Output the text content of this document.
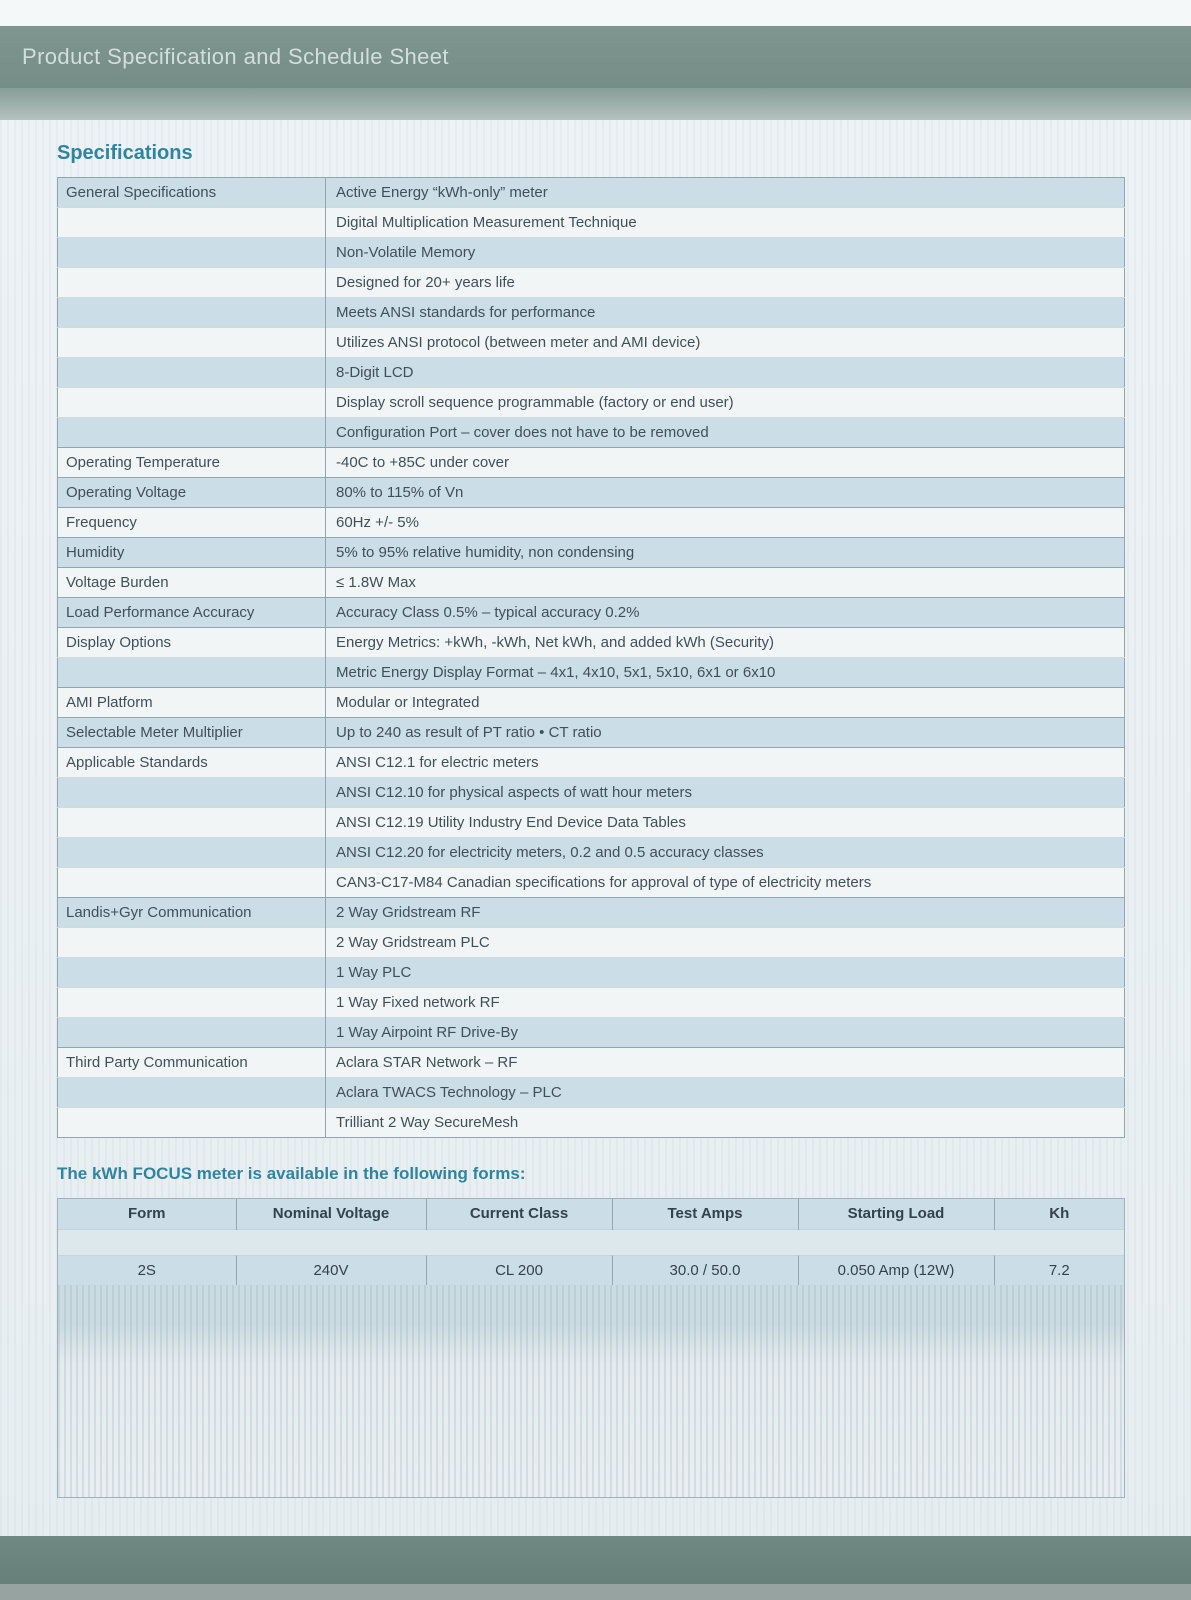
Product Specification and Schedule Sheet
Specifications
General Specifications	Active Energy “kWh-only” meter
	Digital Multiplication Measurement Technique
	Non-Volatile Memory
	Designed for 20+ years life
	Meets ANSI standards for performance
	Utilizes ANSI protocol (between meter and AMI device)
	8-Digit LCD
	Display scroll sequence programmable (factory or end user)
	Configuration Port – cover does not have to be removed
Operating Temperature	-40C to +85C under cover
Operating Voltage	80% to 115% of Vn
Frequency	60Hz +/- 5%
Humidity	5% to 95% relative humidity, non condensing
Voltage Burden	≤ 1.8W Max
Load Performance Accuracy	Accuracy Class 0.5% – typical accuracy 0.2%
Display Options	Energy Metrics: +kWh, -kWh, Net kWh, and added kWh (Security)
	Metric Energy Display Format – 4x1, 4x10, 5x1, 5x10, 6x1 or 6x10
AMI Platform	Modular or Integrated
Selectable Meter Multiplier	Up to 240 as result of PT ratio • CT ratio
Applicable Standards	ANSI C12.1 for electric meters
	ANSI C12.10 for physical aspects of watt hour meters
	ANSI C12.19 Utility Industry End Device Data Tables
	ANSI C12.20 for electricity meters, 0.2 and 0.5 accuracy classes
	CAN3-C17-M84 Canadian specifications for approval of type of electricity meters
Landis+Gyr Communication	2 Way Gridstream RF
	2 Way Gridstream PLC
	1 Way PLC
	1 Way Fixed network RF
	1 Way Airpoint RF Drive-By
Third Party Communication	Aclara STAR Network – RF
	Aclara TWACS Technology – PLC
	Trilliant 2 Way SecureMesh
The kWh FOCUS meter is available in the following forms:
Form	Nominal Voltage	Current Class	Test Amps	Starting Load	Kh

2S	240V	CL 200	30.0 / 50.0	0.050 Amp (12W)	7.2
